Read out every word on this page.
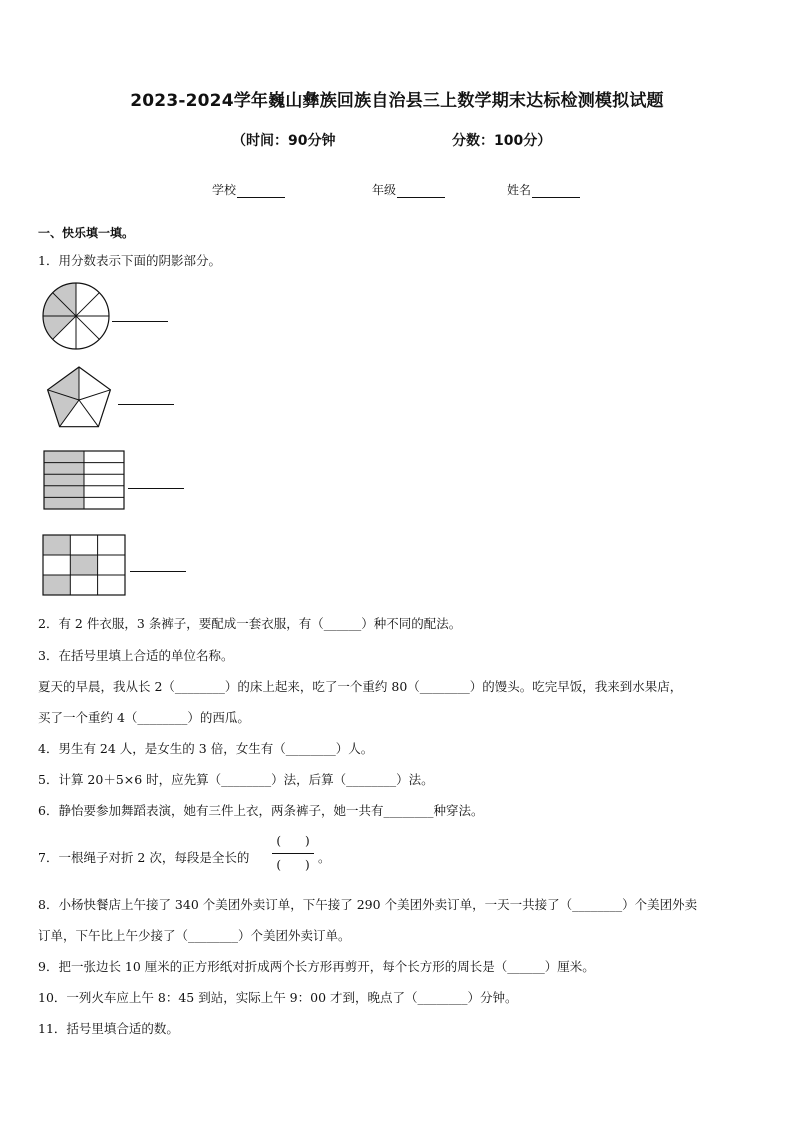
2023-2024学年巍山彝族回族自治县三上数学期末达标检测模拟试题
（时间：90分钟	分数：100分）
学校	年级	姓名
一、快乐填一填。
1．用分数表示下面的阴影部分。
2．有 2 件衣服，3 条裤子，要配成一套衣服，有（______）种不同的配法。
3．在括号里填上合适的单位名称。
夏天的早晨，我从长 2（________）的床上起来，吃了一个重约 80（________）的馒头。吃完早饭，我来到水果店，
买了一个重约 4（________）的西瓜。
4．男生有 24 人，是女生的 3 倍，女生有（________）人。
5．计算 20＋5×6 时，应先算（________）法，后算（________）法。
6．静怡要参加舞蹈表演，她有三件上衣，两条裤子，她一共有________种穿法。
7．一根绳子对折 2 次，每段是全长的
(　　)
(　　) 。
8．小杨快餐店上午接了 340 个美团外卖订单，下午接了 290 个美团外卖订单，一天一共接了（________）个美团外卖
订单，下午比上午少接了（________）个美团外卖订单。
9．把一张边长 10 厘米的正方形纸对折成两个长方形再剪开，每个长方形的周长是（______）厘米。
10．一列火车应上午 8：45 到站，实际上午 9：00 才到，晚点了（________）分钟。
11．括号里填合适的数。
